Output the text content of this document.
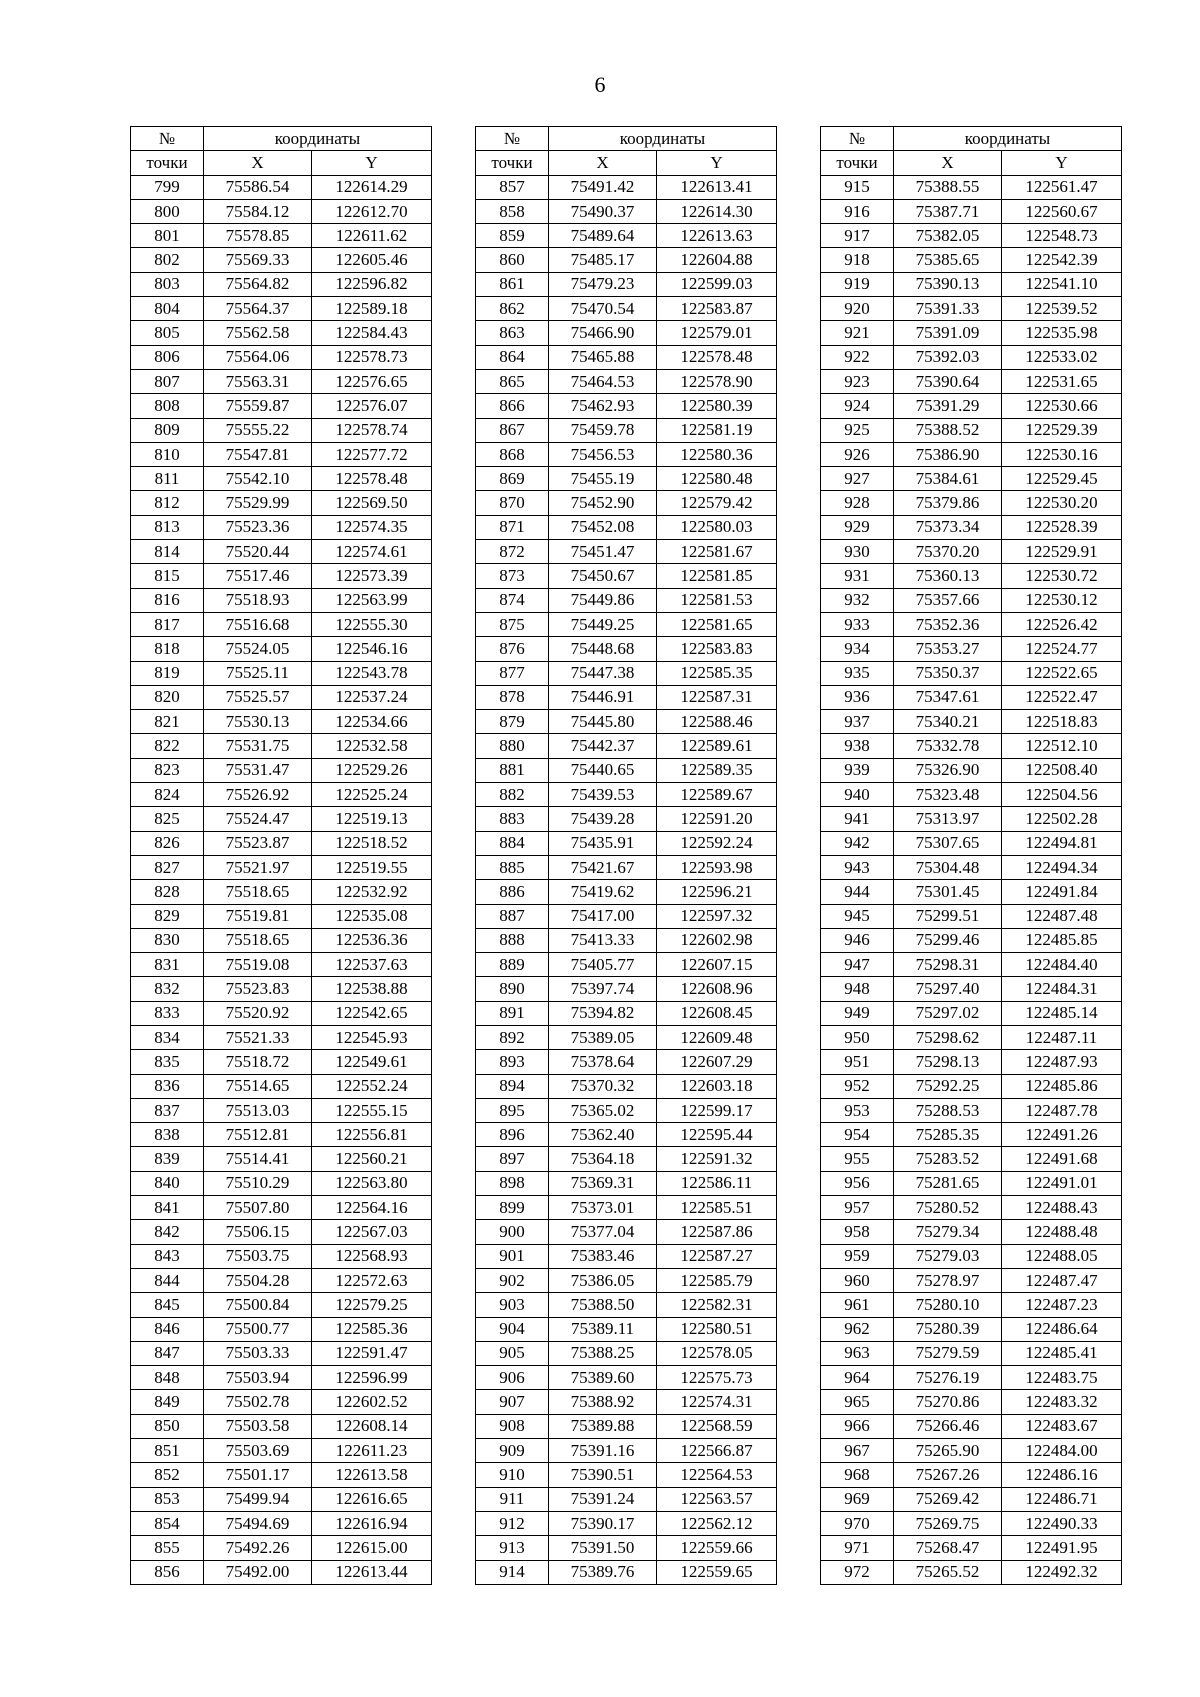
6
№	координаты	
точки	X	Y
799	75586.54	122614.29
800	75584.12	122612.70
801	75578.85	122611.62
802	75569.33	122605.46
803	75564.82	122596.82
804	75564.37	122589.18
805	75562.58	122584.43
806	75564.06	122578.73
807	75563.31	122576.65
808	75559.87	122576.07
809	75555.22	122578.74
810	75547.81	122577.72
811	75542.10	122578.48
812	75529.99	122569.50
813	75523.36	122574.35
814	75520.44	122574.61
815	75517.46	122573.39
816	75518.93	122563.99
817	75516.68	122555.30
818	75524.05	122546.16
819	75525.11	122543.78
820	75525.57	122537.24
821	75530.13	122534.66
822	75531.75	122532.58
823	75531.47	122529.26
824	75526.92	122525.24
825	75524.47	122519.13
826	75523.87	122518.52
827	75521.97	122519.55
828	75518.65	122532.92
829	75519.81	122535.08
830	75518.65	122536.36
831	75519.08	122537.63
832	75523.83	122538.88
833	75520.92	122542.65
834	75521.33	122545.93
835	75518.72	122549.61
836	75514.65	122552.24
837	75513.03	122555.15
838	75512.81	122556.81
839	75514.41	122560.21
840	75510.29	122563.80
841	75507.80	122564.16
842	75506.15	122567.03
843	75503.75	122568.93
844	75504.28	122572.63
845	75500.84	122579.25
846	75500.77	122585.36
847	75503.33	122591.47
848	75503.94	122596.99
849	75502.78	122602.52
850	75503.58	122608.14
851	75503.69	122611.23
852	75501.17	122613.58
853	75499.94	122616.65
854	75494.69	122616.94
855	75492.26	122615.00
856	75492.00	122613.44
№	координаты	
точки	X	Y
857	75491.42	122613.41
858	75490.37	122614.30
859	75489.64	122613.63
860	75485.17	122604.88
861	75479.23	122599.03
862	75470.54	122583.87
863	75466.90	122579.01
864	75465.88	122578.48
865	75464.53	122578.90
866	75462.93	122580.39
867	75459.78	122581.19
868	75456.53	122580.36
869	75455.19	122580.48
870	75452.90	122579.42
871	75452.08	122580.03
872	75451.47	122581.67
873	75450.67	122581.85
874	75449.86	122581.53
875	75449.25	122581.65
876	75448.68	122583.83
877	75447.38	122585.35
878	75446.91	122587.31
879	75445.80	122588.46
880	75442.37	122589.61
881	75440.65	122589.35
882	75439.53	122589.67
883	75439.28	122591.20
884	75435.91	122592.24
885	75421.67	122593.98
886	75419.62	122596.21
887	75417.00	122597.32
888	75413.33	122602.98
889	75405.77	122607.15
890	75397.74	122608.96
891	75394.82	122608.45
892	75389.05	122609.48
893	75378.64	122607.29
894	75370.32	122603.18
895	75365.02	122599.17
896	75362.40	122595.44
897	75364.18	122591.32
898	75369.31	122586.11
899	75373.01	122585.51
900	75377.04	122587.86
901	75383.46	122587.27
902	75386.05	122585.79
903	75388.50	122582.31
904	75389.11	122580.51
905	75388.25	122578.05
906	75389.60	122575.73
907	75388.92	122574.31
908	75389.88	122568.59
909	75391.16	122566.87
910	75390.51	122564.53
911	75391.24	122563.57
912	75390.17	122562.12
913	75391.50	122559.66
914	75389.76	122559.65
№	координаты	
точки	X	Y
915	75388.55	122561.47
916	75387.71	122560.67
917	75382.05	122548.73
918	75385.65	122542.39
919	75390.13	122541.10
920	75391.33	122539.52
921	75391.09	122535.98
922	75392.03	122533.02
923	75390.64	122531.65
924	75391.29	122530.66
925	75388.52	122529.39
926	75386.90	122530.16
927	75384.61	122529.45
928	75379.86	122530.20
929	75373.34	122528.39
930	75370.20	122529.91
931	75360.13	122530.72
932	75357.66	122530.12
933	75352.36	122526.42
934	75353.27	122524.77
935	75350.37	122522.65
936	75347.61	122522.47
937	75340.21	122518.83
938	75332.78	122512.10
939	75326.90	122508.40
940	75323.48	122504.56
941	75313.97	122502.28
942	75307.65	122494.81
943	75304.48	122494.34
944	75301.45	122491.84
945	75299.51	122487.48
946	75299.46	122485.85
947	75298.31	122484.40
948	75297.40	122484.31
949	75297.02	122485.14
950	75298.62	122487.11
951	75298.13	122487.93
952	75292.25	122485.86
953	75288.53	122487.78
954	75285.35	122491.26
955	75283.52	122491.68
956	75281.65	122491.01
957	75280.52	122488.43
958	75279.34	122488.48
959	75279.03	122488.05
960	75278.97	122487.47
961	75280.10	122487.23
962	75280.39	122486.64
963	75279.59	122485.41
964	75276.19	122483.75
965	75270.86	122483.32
966	75266.46	122483.67
967	75265.90	122484.00
968	75267.26	122486.16
969	75269.42	122486.71
970	75269.75	122490.33
971	75268.47	122491.95
972	75265.52	122492.32
